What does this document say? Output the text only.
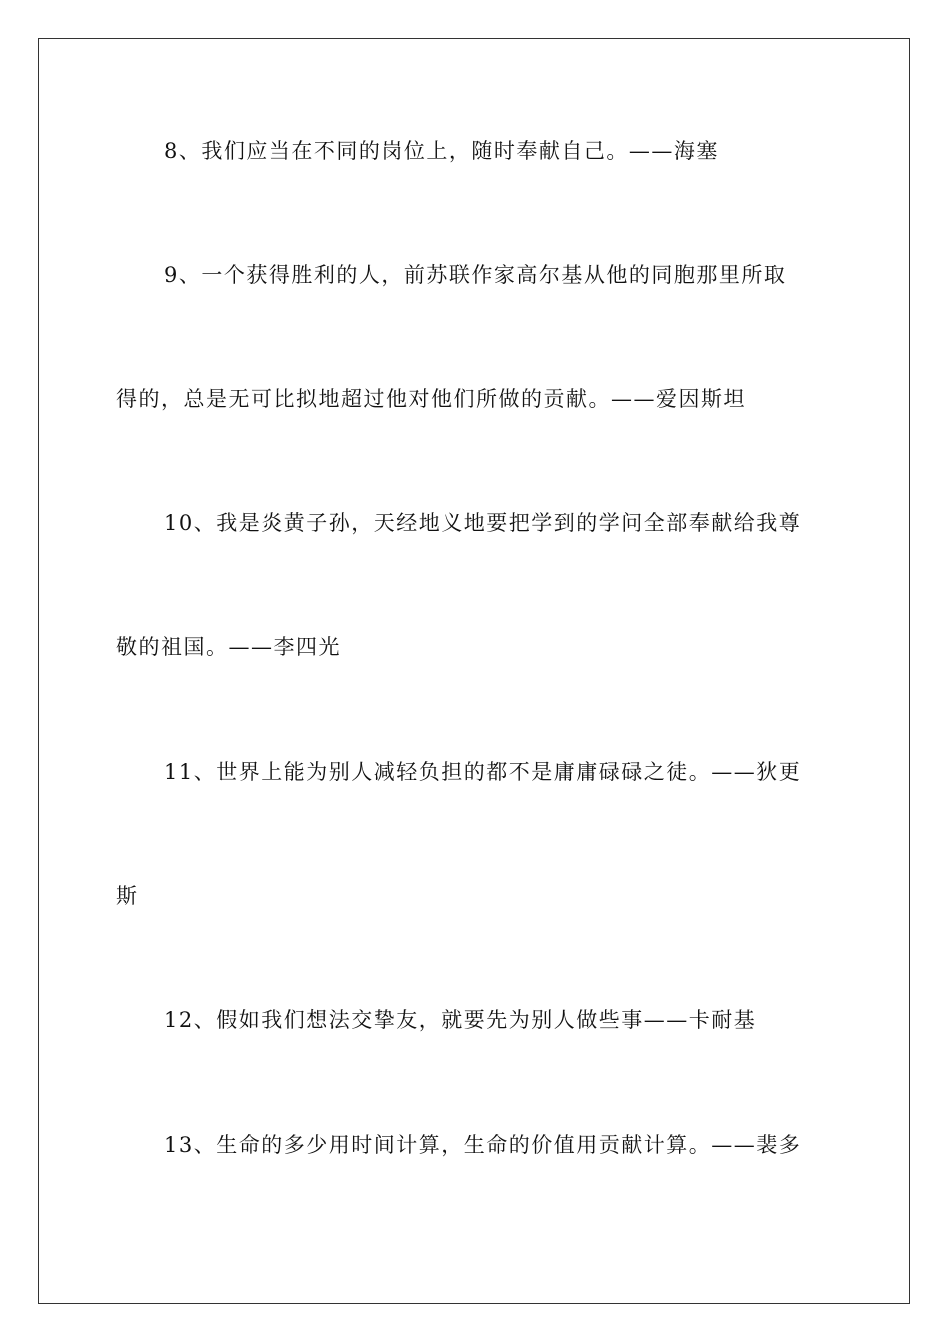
8、我们应当在不同的岗位上，随时奉献自己。——海塞
9、一个获得胜利的人，前苏联作家高尔基从他的同胞那里所取
得的，总是无可比拟地超过他对他们所做的贡献。——爱因斯坦
10、我是炎黄子孙，天经地义地要把学到的学问全部奉献给我尊
敬的祖国。——李四光
11、世界上能为别人减轻负担的都不是庸庸碌碌之徒。——狄更
斯
12、假如我们想法交挚友，就要先为别人做些事——卡耐基
13、生命的多少用时间计算，生命的价值用贡献计算。——裴多
